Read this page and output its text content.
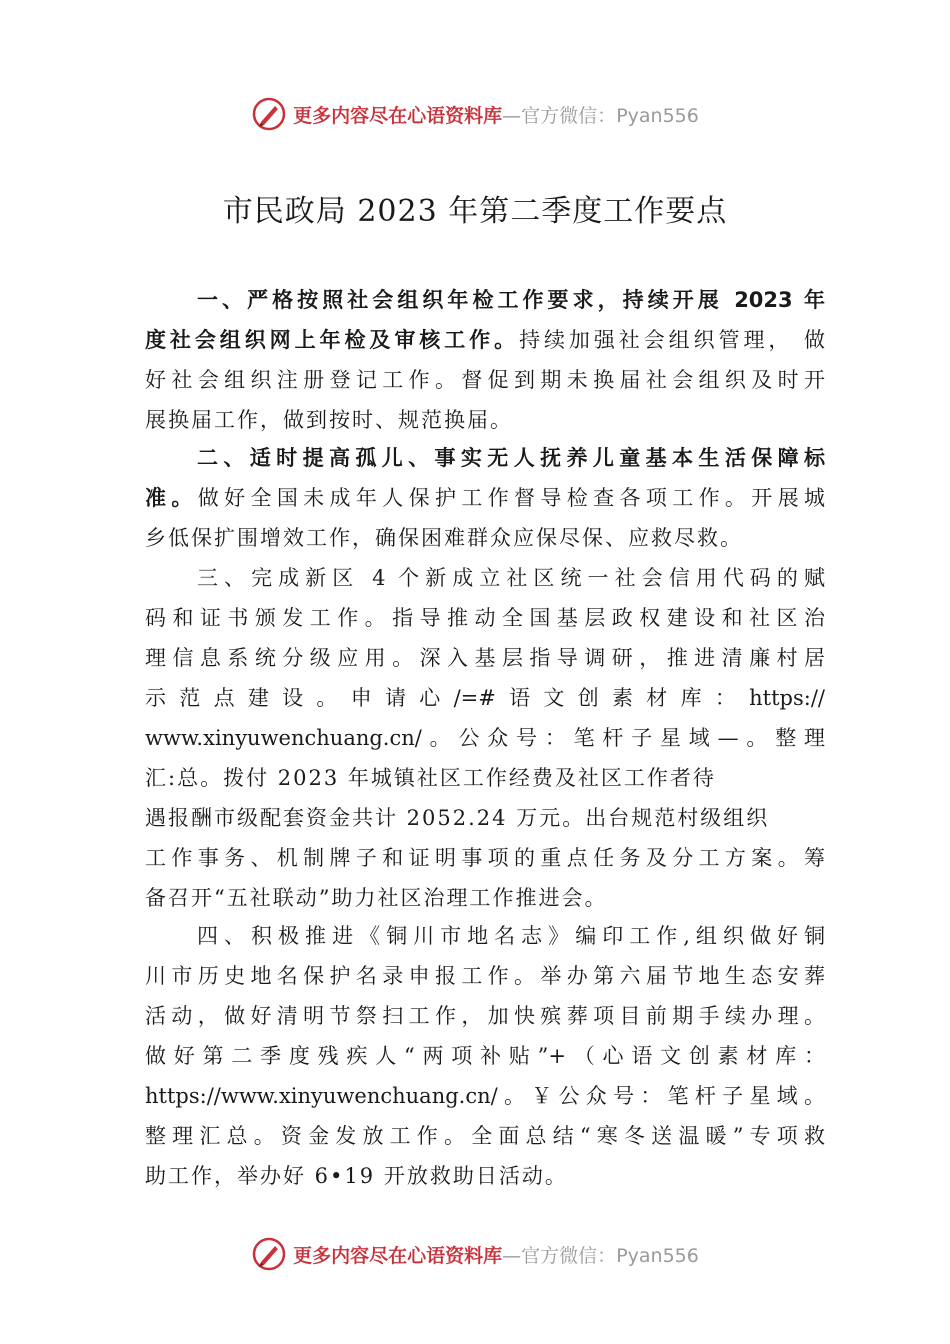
更多内容尽在心语资料库—官方微信：Pyan556
市民政局 2023 年第二季度工作要点
一、严格按照社会组织年检工作要求，持续开展 2023 年
度社会组织网上年检及审核工作。持续加强社会组织管理， 做
好社会组织注册登记工作。督促到期未换届社会组织及时开
展换届工作，做到按时、规范换届。
二、适时提高孤儿、事实无人抚养儿童基本生活保障标
准。做好全国未成年人保护工作督导检查各项工作。开展城
乡低保扩围增效工作，确保困难群众应保尽保、应救尽救。
三、完成新区 4 个新成立社区统一社会信用代码的赋
码和证书颁发工作。指导推动全国基层政权建设和社区治
理信息系统分级应用。深入基层指导调研，推进清廉村居
示范点建设。申请心/=#语文创素材库：https://
www.xinyuwenchuang.cn/。公众号：笔杆子星域—。整理
汇:总。拨付 2023 年城镇社区工作经费及社区工作者待
遇报酬市级配套资金共计 2052.24 万元。出台规范村级组织
工作事务、机制牌子和证明事项的重点任务及分工方案。筹
备召开“五社联动”助力社区治理工作推进会。
四、积极推进《铜川市地名志》编印工作,组织做好铜
川市历史地名保护名录申报工作。举办第六届节地生态安葬
活动，做好清明节祭扫工作，加快殡葬项目前期手续办理。
做好第二季度残疾人“两项补贴”+（心语文创素材库：
https://www.xinyuwenchuang.cn/。￥公众号：笔杆子星域。
整理汇总。资金发放工作。全面总结“寒冬送温暖”专项救
助工作，举办好 6•19 开放救助日活动。
更多内容尽在心语资料库—官方微信：Pyan556
